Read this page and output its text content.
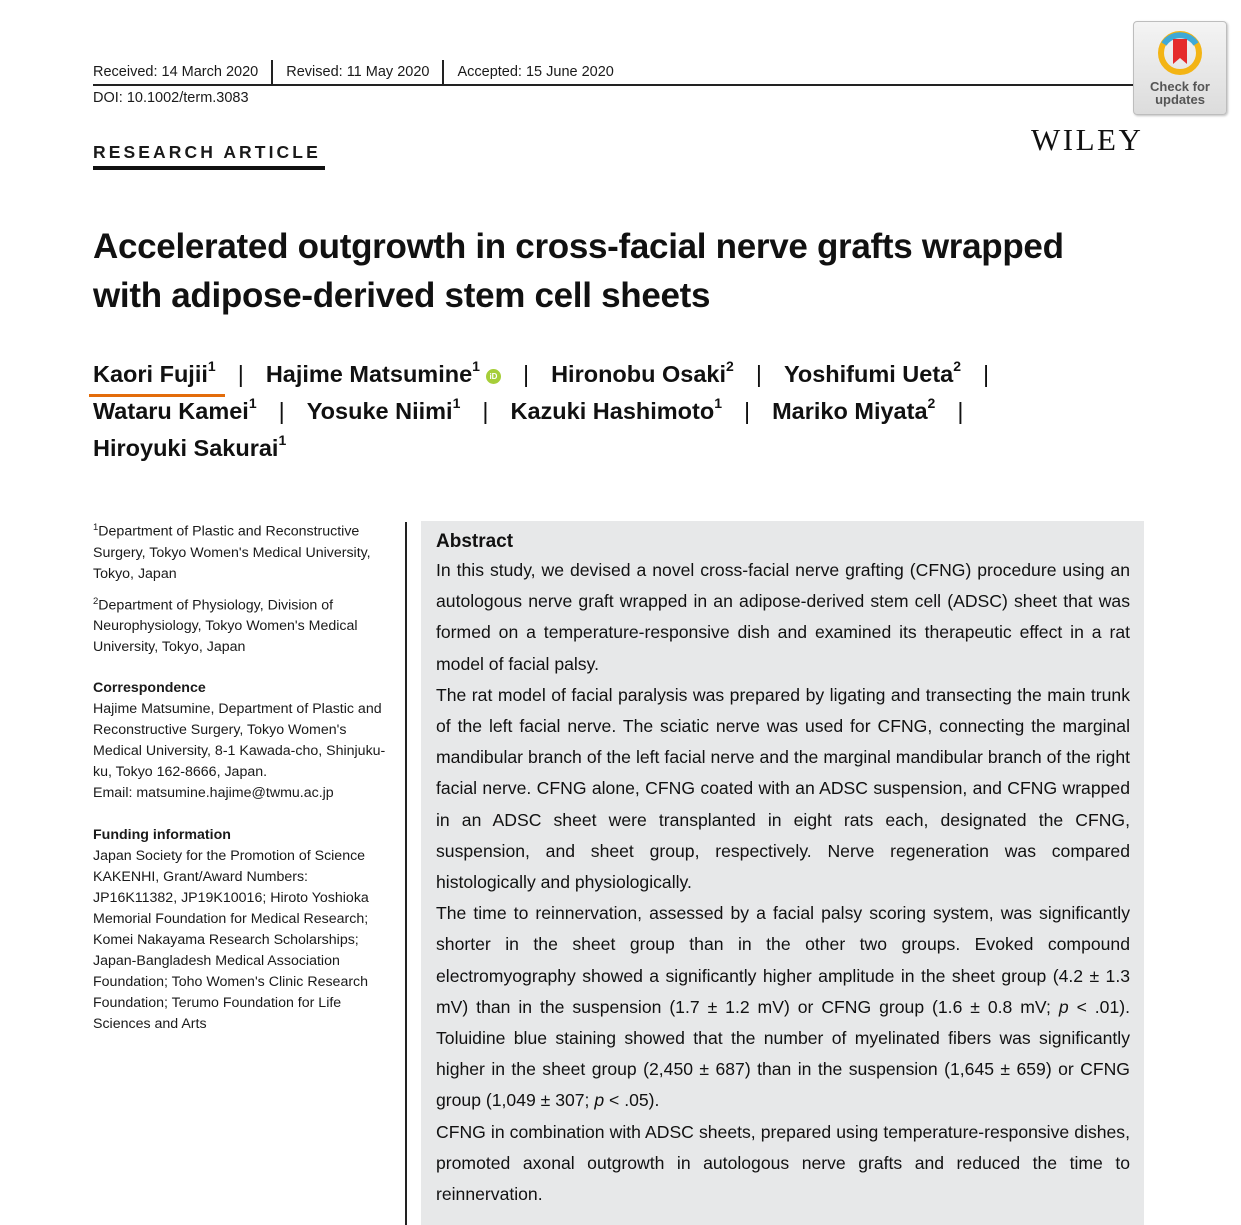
Received: 14 March 2020 Revised: 11 May 2020 Accepted: 15 June 2020
DOI: 10.1002/term.3083
Check for
updates
WILEY
RESEARCH ARTICLE
Accelerated outgrowth in cross-facial nerve grafts wrapped
with adipose-derived stem cell sheets
Kaori Fujii$^1$ | Hajime Matsumine$^1$
iD | Hironobu Osaki$^2$ | Yoshifumi Ueta$^2$ |
Wataru Kamei$^1$ | Yosuke Niimi$^1$ | Kazuki Hashimoto$^1$ | Mariko Miyata$^2$ |
Hiroyuki Sakurai$^1$

$^1$Department of Plastic and Reconstructive Surgery, Tokyo Women's Medical University, Tokyo, Japan

$^2$Department of Physiology, Division of Neurophysiology, Tokyo Women's Medical University, Tokyo, Japan

Correspondence

Hajime Matsumine, Department of Plastic and

Reconstructive Surgery, Tokyo Women's

Medical University, 8-1 Kawada-cho, Shinjuku-

ku, Tokyo 162-8666, Japan.

Email: matsumine.hajime@twmu.ac.jp

Funding information

Japan Society for the Promotion of Science KAKENHI, Grant/Award Numbers: JP16K11382, JP19K10016; Hiroto Yoshioka Memorial Foundation for Medical Research; Komei Nakayama Research Scholarships; Japan-Bangladesh Medical Association Foundation; Toho Women's Clinic Research Foundation; Terumo Foundation for Life Sciences and Arts

Abstract

In this study, we devised a novel cross-facial nerve grafting (CFNG) procedure using an autologous nerve graft wrapped in an adipose-derived stem cell (ADSC) sheet that was formed on a temperature-responsive dish and examined its therapeutic effect in a rat model of facial palsy.

The rat model of facial paralysis was prepared by ligating and transecting the main trunk of the left facial nerve. The sciatic nerve was used for CFNG, connecting the marginal mandibular branch of the left facial nerve and the marginal mandibular branch of the right facial nerve. CFNG alone, CFNG coated with an ADSC suspension, and CFNG wrapped in an ADSC sheet were transplanted in eight rats each, designated the CFNG, suspension, and sheet group, respectively. Nerve regeneration was compared histologically and physiologically.

The time to reinnervation, assessed by a facial palsy scoring system, was significantly shorter in the sheet group than in the other two groups. Evoked compound electromyography showed a significantly higher amplitude in the sheet group (4.2 ± 1.3 mV) than in the suspension (1.7 ± 1.2 mV) or CFNG group (1.6 ± 0.8 mV; p < .01). Toluidine blue staining showed that the number of myelinated fibers was significantly higher in the sheet group (2,450 ± 687) than in the suspension (1,645 ± 659) or CFNG group (1,049 ± 307; p < .05).

CFNG in combination with ADSC sheets, prepared using temperature-responsive dishes, promoted axonal outgrowth in autologous nerve grafts and reduced the time to reinnervation.
